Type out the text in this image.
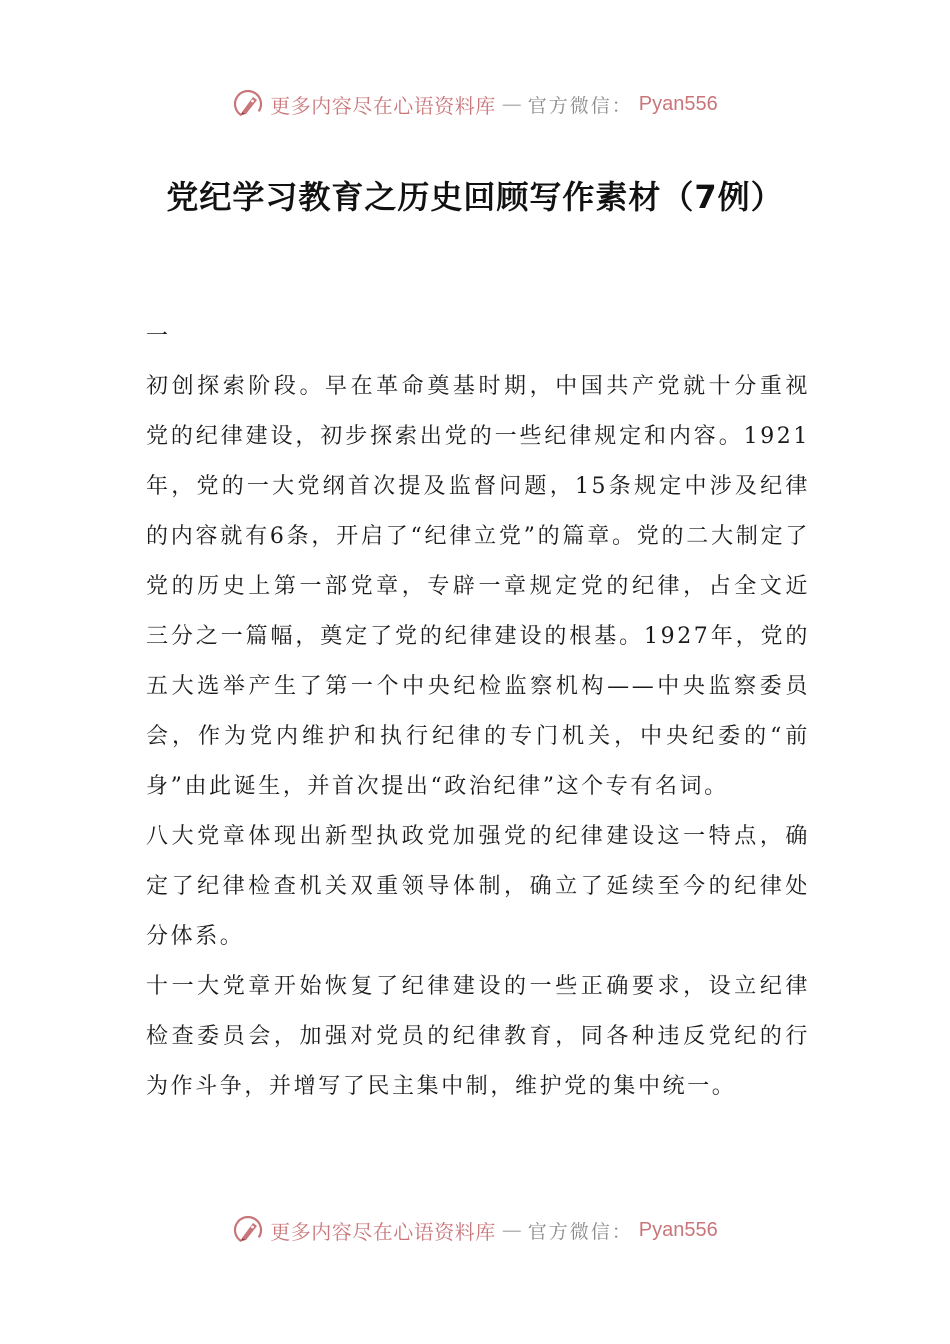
更多内容尽在心语资料库 — 官方微信： Pyan556
党纪学习教育之历史回顾写作素材（7例）

一

初创探索阶段。早在革命奠基时期，中国共产党就十分重视党的纪律建设，初步探索出党的一些纪律规定和内容。1921年，党的一大党纲首次提及监督问题，15条规定中涉及纪律的内容就有6条，开启了“纪律立党”的篇章。党的二大制定了党的历史上第一部党章，专辟一章规定党的纪律，占全文近三分之一篇幅，奠定了党的纪律建设的根基。1927年，党的五大选举产生了第一个中央纪检监察机构——中央监察委员会，作为党内维护和执行纪律的专门机关，中央纪委的“前身”由此诞生，并首次提出“政治纪律”这个专有名词。

八大党章体现出新型执政党加强党的纪律建设这一特点，确定了纪律检查机关双重领导体制，确立了延续至今的纪律处分体系。

十一大党章开始恢复了纪律建设的一些正确要求，设立纪律检查委员会，加强对党员的纪律教育，同各种违反党纪的行为作斗争，并增写了民主集中制，维护党的集中统一。

更多内容尽在心语资料库 — 官方微信： Pyan556
